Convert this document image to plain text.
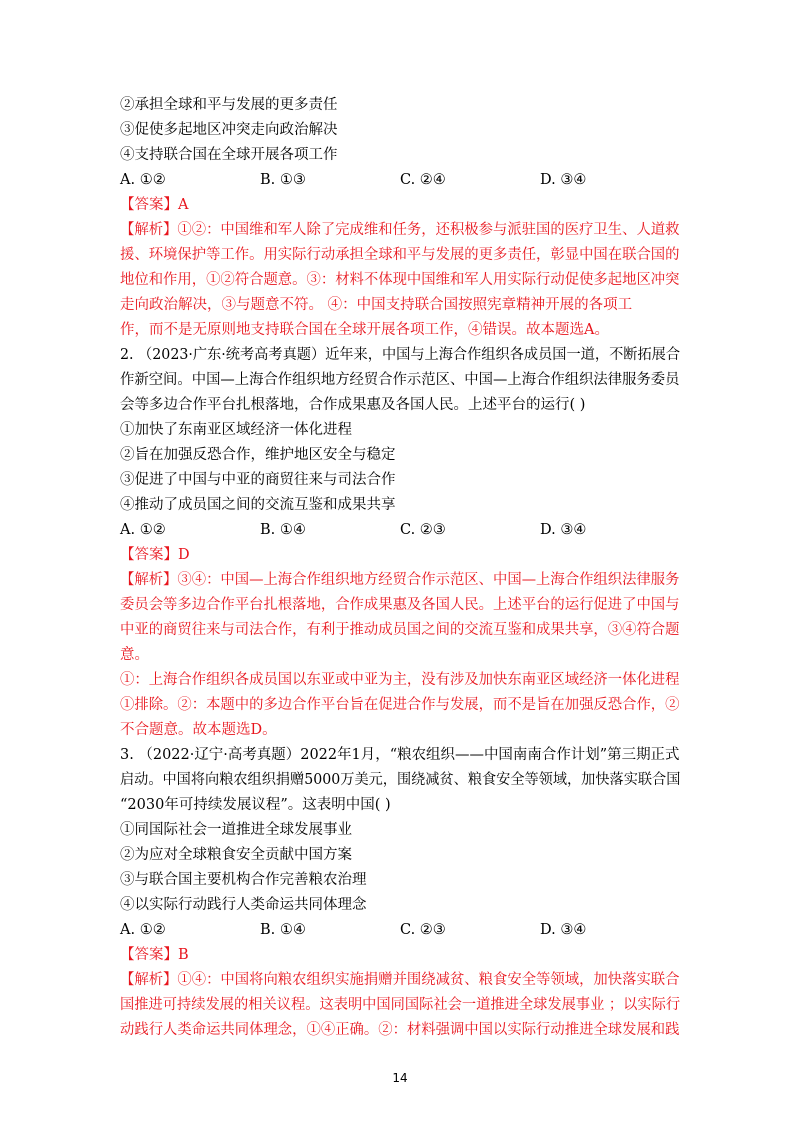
②承担全球和平与发展的更多责任
③促使多起地区冲突走向政治解决
④支持联合国在全球开展各项工作
A. ①②	B. ①③	C. ②④	D. ③④
【答案】A
【解析】①②：中国维和军人除了完成维和任务，还积极参与派驻国的医疗卫生、人道救
援、环境保护等工作。用实际行动承担全球和平与发展的更多责任，彰显中国在联合国的
地位和作用，①②符合题意。③：材料不体现中国维和军人用实际行动促使多起地区冲突
走向政治解决，③与题意不符。 ④：中国支持联合国按照宪章精神开展的各项工
作，而不是无原则地支持联合国在全球开展各项工作，④错误。故本题选A。
2. （2023·广东·统考高考真题）近年来，中国与上海合作组织各成员国一道，不断拓展合
作新空间。中国—上海合作组织地方经贸合作示范区、中国—上海合作组织法律服务委员
会等多边合作平台扎根落地，合作成果惠及各国人民。上述平台的运行( )
①加快了东南亚区域经济一体化进程
②旨在加强反恐合作，维护地区安全与稳定
③促进了中国与中亚的商贸往来与司法合作
④推动了成员国之间的交流互鉴和成果共享
A. ①②	B. ①④	C. ②③	D. ③④
【答案】D
【解析】③④：中国—上海合作组织地方经贸合作示范区、中国—上海合作组织法律服务
委员会等多边合作平台扎根落地，合作成果惠及各国人民。上述平台的运行促进了中国与
中亚的商贸往来与司法合作，有利于推动成员国之间的交流互鉴和成果共享，③④符合题
意。
①：上海合作组织各成员国以东亚或中亚为主，没有涉及加快东南亚区域经济一体化进程
①排除。②：本题中的多边合作平台旨在促进合作与发展，而不是旨在加强反恐合作，②
不合题意。故本题选D。
3. （2022·辽宁·高考真题）2022年1月，“粮农组织——中国南南合作计划”第三期正式
启动。中国将向粮农组织捐赠5000万美元，围绕减贫、粮食安全等领域，加快落实联合国
“2030年可持续发展议程”。这表明中国( )
①同国际社会一道推进全球发展事业
②为应对全球粮食安全贡献中国方案
③与联合国主要机构合作完善粮农治理
④以实际行动践行人类命运共同体理念
A. ①②	B. ①④	C. ②③	D. ③④
【答案】B
【解析】①④：中国将向粮农组织实施捐赠并围绕减贫、粮食安全等领域，加快落实联合
国推进可持续发展的相关议程。这表明中国同国际社会一道推进全球发展事业 ；以实际行
动践行人类命运共同体理念，①④正确。②：材料强调中国以实际行动推进全球发展和践
14
